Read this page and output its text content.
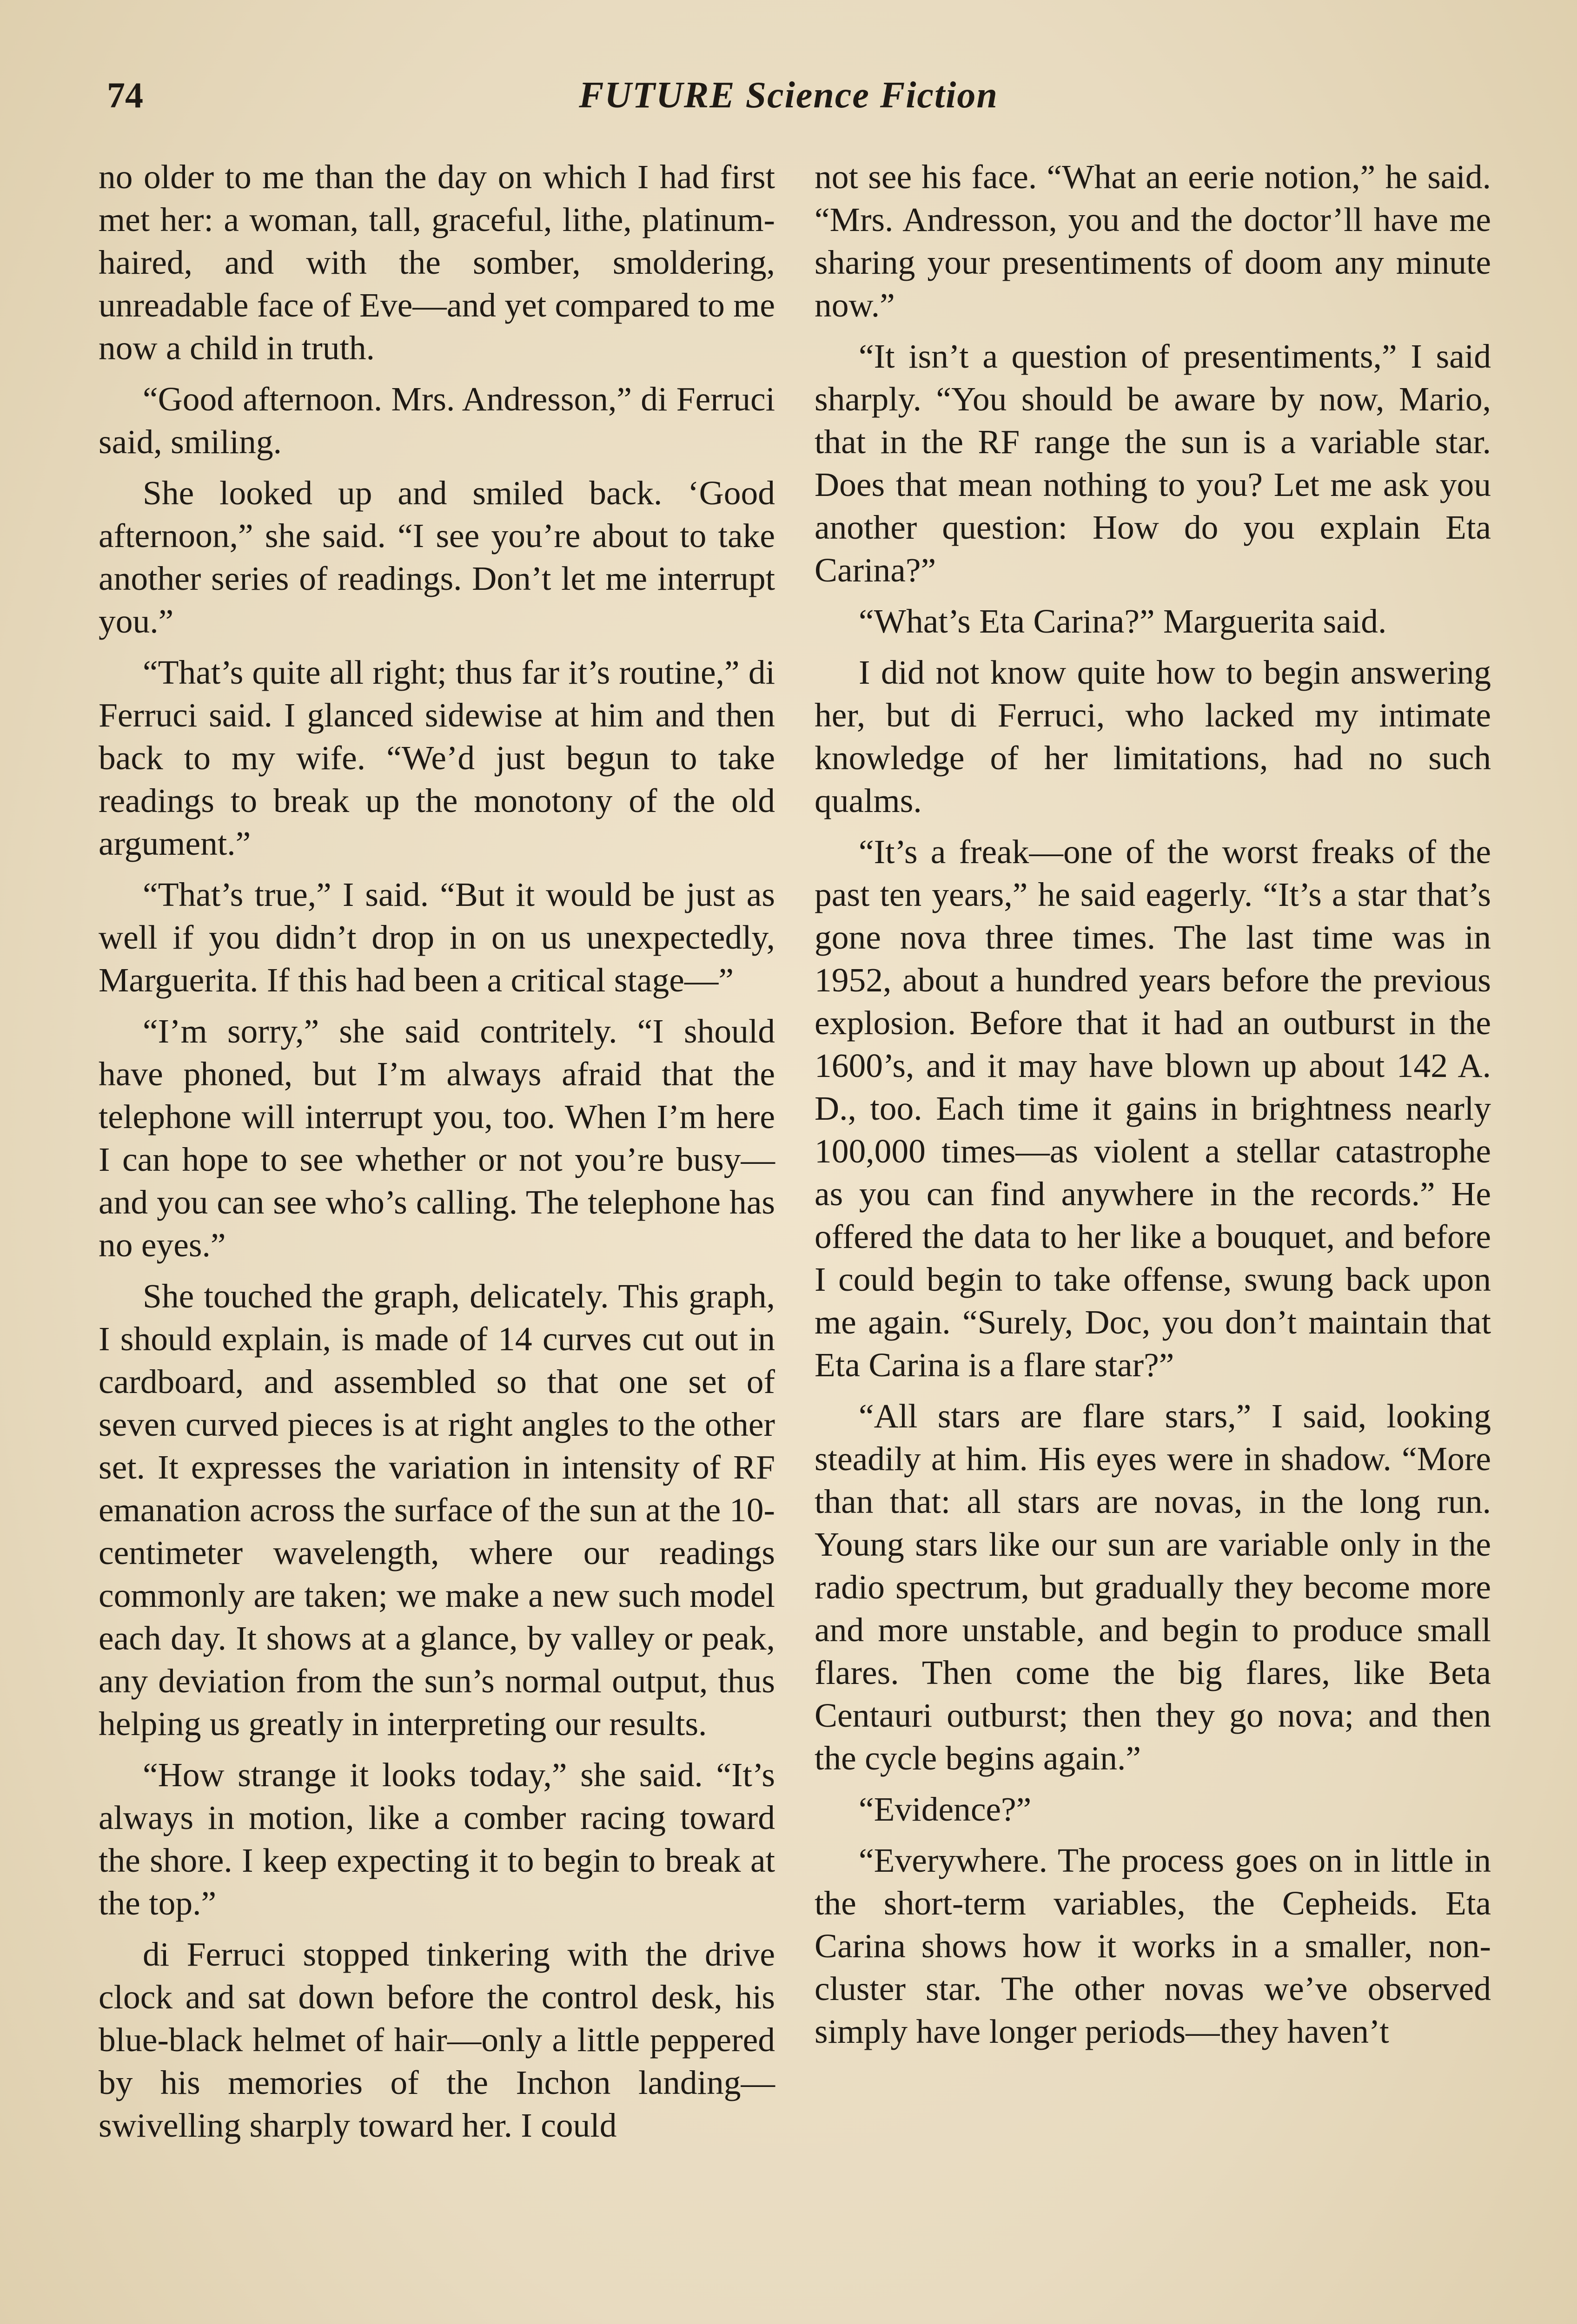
74	FUTURE Science Fiction

no older to me than the day on which I had first met her: a woman, tall, graceful, lithe, platinum-haired, and with the somber, smoldering, unreadable face of Eve—and yet compared to me now a child in truth.

“Good afternoon. Mrs. Andresson,” di Ferruci said, smiling.

She looked up and smiled back. ‘Good afternoon,” she said. “I see you’re about to take another series of readings. Don’t let me interrupt you.”

“That’s quite all right; thus far it’s routine,” di Ferruci said. I glanced sidewise at him and then back to my wife. “We’d just begun to take readings to break up the monotony of the old argument.”

“That’s true,” I said. “But it would be just as well if you didn’t drop in on us unexpectedly, Marguerita. If this had been a critical stage—”

“I’m sorry,” she said contritely. “I should have phoned, but I’m always afraid that the telephone will interrupt you, too. When I’m here I can hope to see whether or not you’re busy—and you can see who’s calling. The telephone has no eyes.”

She touched the graph, delicately. This graph, I should explain, is made of 14 curves cut out in cardboard, and assembled so that one set of seven curved pieces is at right angles to the other set. It expresses the variation in intensity of RF emanation across the surface of the sun at the 10-centimeter wavelength, where our readings commonly are taken; we make a new such model each day. It shows at a glance, by valley or peak, any deviation from the sun’s normal output, thus helping us greatly in interpreting our results.

“How strange it looks today,” she said. “It’s always in motion, like a comber racing toward the shore. I keep expecting it to begin to break at the top.”

di Ferruci stopped tinkering with the drive clock and sat down before the control desk, his blue-black helmet of hair—only a little peppered by his memories of the Inchon landing—swivelling sharply toward her. I could

not see his face. “What an eerie notion,” he said. “Mrs. Andresson, you and the doctor’ll have me sharing your presentiments of doom any minute now.”

“It isn’t a question of presentiments,” I said sharply. “You should be aware by now, Mario, that in the RF range the sun is a variable star. Does that mean nothing to you? Let me ask you another question: How do you explain Eta Carina?”

“What’s Eta Carina?” Marguerita said.

I did not know quite how to begin answering her, but di Ferruci, who lacked my intimate knowledge of her limitations, had no such qualms.

“It’s a freak—one of the worst freaks of the past ten years,” he said eagerly. “It’s a star that’s gone nova three times. The last time was in 1952, about a hundred years before the previous explosion. Before that it had an outburst in the 1600’s, and it may have blown up about 142 A. D., too. Each time it gains in brightness nearly 100,000 times—as violent a stellar catastrophe as you can find anywhere in the records.” He offered the data to her like a bouquet, and before I could begin to take offense, swung back upon me again. “Surely, Doc, you don’t maintain that Eta Carina is a flare star?”

“All stars are flare stars,” I said, looking steadily at him. His eyes were in shadow. “More than that: all stars are novas, in the long run. Young stars like our sun are variable only in the radio spectrum, but gradually they become more and more unstable, and begin to produce small flares. Then come the big flares, like Beta Centauri outburst; then they go nova; and then the cycle begins again.”

“Evidence?”

“Everywhere. The process goes on in little in the short-term variables, the Cepheids. Eta Carina shows how it works in a smaller, non-cluster star. The other novas we’ve observed simply have longer periods—they haven’t
